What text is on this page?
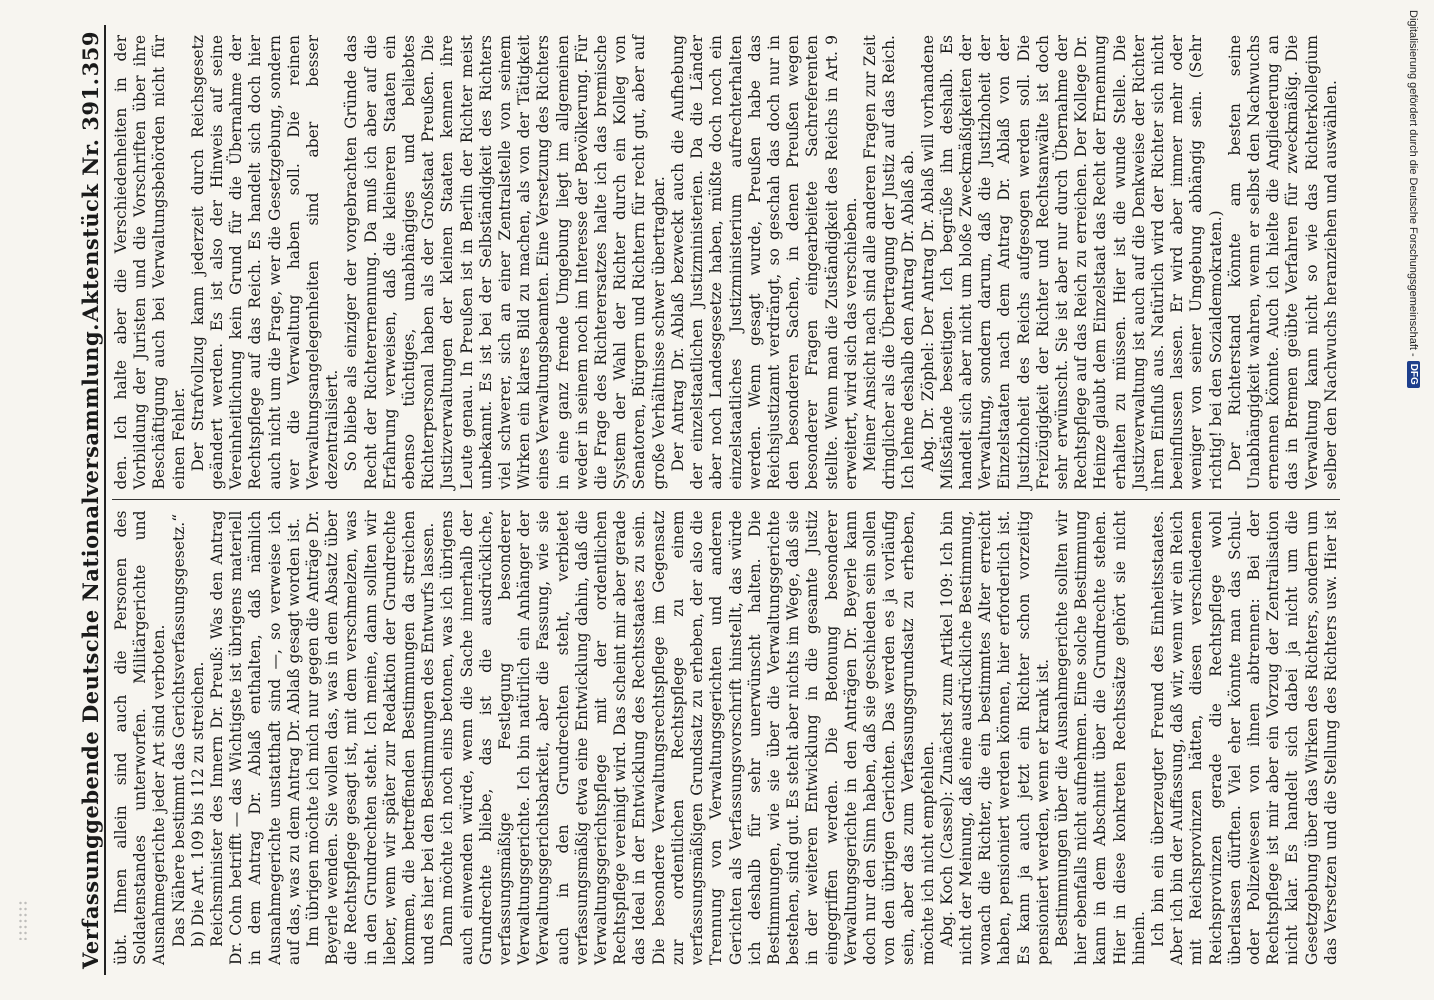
Verfassunggebende Deutsche Nationalversammlung.
Aktenstück Nr. 391.
359

übt. Ihnen allein sind auch die Personen des Soldatenstandes unterworfen. Militärgerichte und Ausnahmegerichte jeder Art sind verboten. Das Nähere bestimmt das Gerichtsverfassungsgesetz.“ b) Die Art. 109 bis 112 zu streichen. Reichsminister des Innern Dr. Preuß: Was den Antrag Dr. Cohn betrifft — das Wichtigste ist übrigens materiell in dem Antrag Dr. Ablaß enthalten, daß nämlich Ausnahmegerichte unstatthaft sind —, so verweise ich auf das, was zu dem Antrag Dr. Ablaß gesagt worden ist. Im übrigen möchte ich mich nur gegen die Anträge Dr. Beyerle wenden. Sie wollen das, was in dem Absatz über die Rechtspflege gesagt ist, mit dem verschmelzen, was in den Grundrechten steht. Ich meine, dann sollten wir lieber, wenn wir später zur Redaktion der Grundrechte kommen, die betreffenden Bestimmungen da streichen und es hier bei den Bestimmungen des Entwurfs lassen. Dann möchte ich noch eins betonen, was ich übrigens auch einwenden würde, wenn die Sache innerhalb der Grundrechte bliebe, das ist die ausdrückliche, verfassungsmäßige Festlegung besonderer Verwaltungsgerichte. Ich bin natürlich ein Anhänger der Verwaltungsgerichtsbarkeit, aber die Fassung, wie sie auch in den Grundrechten steht, verbietet verfassungsmäßig etwa eine Entwicklung dahin, daß die Verwaltungsgerichtspflege mit der ordentlichen Rechtspflege vereinigt wird. Das scheint mir aber gerade das Ideal in der Entwicklung des Rechtsstaates zu sein. Die besondere Verwaltungsrechtspflege im Gegensatz zur ordentlichen Rechtspflege zu einem verfassungsmäßigen Grundsatz zu erheben, der also die Trennung von Verwaltungsgerichten und anderen Gerichten als Verfassungsvorschrift hinstellt, das würde ich deshalb für sehr unerwünscht halten. Die Bestimmungen, wie sie über die Verwaltungsgerichte bestehen, sind gut. Es steht aber nichts im Wege, daß sie in der weiteren Entwicklung in die gesamte Justiz eingegriffen werden. Die Betonung besonderer Verwaltungsgerichte in den Anträgen Dr. Beyerle kann doch nur den Sinn haben, daß sie geschieden sein sollen von den übrigen Gerichten. Das werden es ja vorläufig sein, aber das zum Verfassungsgrundsatz zu erheben, möchte ich nicht empfehlen. Abg. Koch (Cassel): Zunächst zum Artikel 109: Ich bin nicht der Meinung, daß eine ausdrückliche Bestimmung, wonach die Richter, die ein bestimmtes Alter erreicht haben, pensioniert werden können, hier erforderlich ist. Es kann ja auch jetzt ein Richter schon vorzeitig pensioniert werden, wenn er krank ist. Bestimmungen über die Ausnahmegerichte sollten wir hier ebenfalls nicht aufnehmen. Eine solche Bestimmung kann in dem Abschnitt über die Grundrechte stehen. Hier in diese konkreten Rechtssätze gehört sie nicht hinein. Ich bin ein überzeugter Freund des Einheitsstaates. Aber ich bin der Auffassung, daß wir, wenn wir ein Reich mit Reichsprovinzen hätten, diesen verschiedenen Reichsprovinzen gerade die Rechtspflege wohl überlassen dürften. Viel eher könnte man das Schul- oder Polizeiwesen von ihnen abtrennen: Bei der Rechtspflege ist mir aber ein Vorzug der Zentralisation nicht klar. Es handelt sich dabei ja nicht um die Gesetzgebung über das Wirken des Richters, sondern um das Versetzen und die Stellung des Richters usw. Hier ist

den. Ich halte aber die Verschiedenheiten in der Vorbildung der Juristen und die Vorschriften über ihre Beschäftigung auch bei Verwaltungsbehörden nicht für einen Fehler. Der Strafvollzug kann jederzeit durch Reichsgesetz geändert werden. Es ist also der Hinweis auf seine Vereinheitlichung kein Grund für die Übernahme der Rechtspflege auf das Reich. Es handelt sich doch hier auch nicht um die Frage, wer die Gesetzgebung, sondern wer die Verwaltung haben soll. Die reinen Verwaltungsangelegenheiten sind aber besser dezentralisiert. So bliebe als einziger der vorgebrachten Gründe das Recht der Richterernennung. Da muß ich aber auf die Erfahrung verweisen, daß die kleineren Staaten ein ebenso tüchtiges, unabhängiges und beliebtes Richterpersonal haben als der Großstaat Preußen. Die Justizverwaltungen der kleinen Staaten kennen ihre Leute genau. In Preußen ist in Berlin der Richter meist unbekannt. Es ist bei der Selbständigkeit des Richters viel schwerer, sich an einer Zentralstelle von seinem Wirken ein klares Bild zu machen, als von der Tätigkeit eines Verwaltungsbeamten. Eine Versetzung des Richters in eine ganz fremde Umgebung liegt im allgemeinen weder in seinem noch im Interesse der Bevölkerung. Für die Frage des Richterersatzes halte ich das bremische System der Wahl der Richter durch ein Kolleg von Senatoren, Bürgern und Richtern für recht gut, aber auf große Verhältnisse schwer übertragbar. Der Antrag Dr. Ablaß bezweckt auch die Aufhebung der einzelstaatlichen Justizministerien. Da die Länder aber noch Landesgesetze haben, müßte doch noch ein einzelstaatliches Justizministerium aufrechterhalten werden. Wenn gesagt wurde, Preußen habe das Reichsjustizamt verdrängt, so geschah das doch nur in den besonderen Sachen, in denen Preußen wegen besonderer Fragen eingearbeitete Sachreferenten stellte. Wenn man die Zuständigkeit des Reichs in Art. 9 erweitert, wird sich das verschieben. Meiner Ansicht nach sind alle anderen Fragen zur Zeit dringlicher als die Übertragung der Justiz auf das Reich. Ich lehne deshalb den Antrag Dr. Ablaß ab. Abg. Dr. Zöphel: Der Antrag Dr. Ablaß will vorhandene Mißstände beseitigen. Ich begrüße ihn deshalb. Es handelt sich aber nicht um bloße Zweckmäßigkeiten der Verwaltung, sondern darum, daß die Justizhoheit der Einzelstaaten nach dem Antrag Dr. Ablaß von der Justizhoheit des Reichs aufgesogen werden soll. Die Freizügigkeit der Richter und Rechtsanwälte ist doch sehr erwünscht. Sie ist aber nur durch Übernahme der Rechtspflege auf das Reich zu erreichen. Der Kollege Dr. Heinze glaubt dem Einzelstaat das Recht der Ernennung erhalten zu müssen. Hier ist die wunde Stelle. Die Justizverwaltung ist auch auf die Denkweise der Richter ihren Einfluß aus. Natürlich wird der Richter sich nicht beeinflussen lassen. Er wird aber immer mehr oder weniger von seiner Umgebung abhängig sein. (Sehr richtig! bei den Sozialdemokraten.) Der Richterstand könnte am besten seine Unabhängigkeit wahren, wenn er selbst den Nachwuchs ernennen könnte. Auch ich hielte die Angliederung an das in Bremen geübte Verfahren für zweckmäßig. Die Verwaltung kann nicht so wie das Richterkollegium selber den Nachwuchs heranziehen und auswählen.	Digitalisierung gefördert durch die Deutsche Forschungsgemeinschaft -
DFG
